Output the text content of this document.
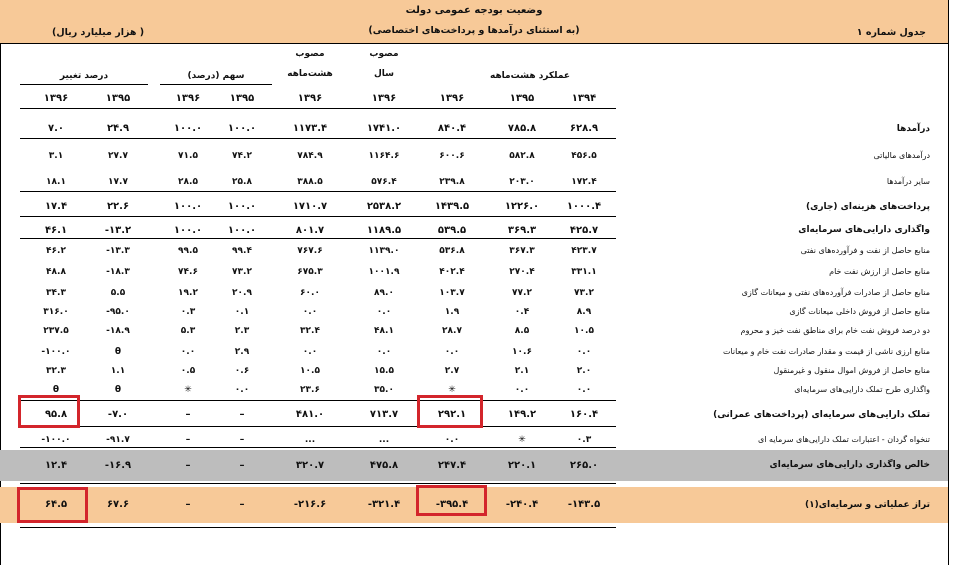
وضعیت بودجه عمومی دولت
(به استثنای درآمدها و پرداخت‌های اختصاصی)	جدول شماره ۱
(هزار میلیارد ریال )
درصد تغییر	سهم (درصد)
مصوب
هشت‌ماهه
مصوب
سال	عملکرد هشت‌ماهه
۱۳۹۶	۱۳۹۵	۱۳۹۶	۱۳۹۵	۱۳۹۶	۱۳۹۶	۱۳۹۶	۱۳۹۵	۱۳۹۴
درآمدها
۷.۰	۲۴.۹	۱۰۰.۰	۱۰۰.۰	۱۱۷۳.۴	۱۷۴۱.۰	۸۴۰.۴	۷۸۵.۸	۶۲۸.۹
درآمدهای مالیاتی
۳.۱	۲۷.۷	۷۱.۵	۷۴.۲	۷۸۴.۹	۱۱۶۴.۶	۶۰۰.۶	۵۸۲.۸	۴۵۶.۵
سایر درآمدها
۱۸.۱	۱۷.۷	۲۸.۵	۲۵.۸	۳۸۸.۵	۵۷۶.۴	۲۳۹.۸	۲۰۳.۰	۱۷۲.۴
پرداخت‌های هزینه‌ای (جاری)
۱۷.۴	۲۲.۶	۱۰۰.۰	۱۰۰.۰	۱۷۱۰.۷	۲۵۳۸.۲	۱۴۳۹.۵	۱۲۲۶.۰	۱۰۰۰.۴
واگذاری دارایی‌های سرمایه‌ای
۴۶.۱	-۱۳.۲	۱۰۰.۰	۱۰۰.۰	۸۰۱.۷	۱۱۸۹.۵	۵۳۹.۵	۳۶۹.۳	۴۲۵.۷
منابع حاصل از نفت و فرآورده‌های نفتی
۴۶.۲	-۱۳.۳	۹۹.۵	۹۹.۴	۷۶۷.۶	۱۱۳۹.۰	۵۳۶.۸	۳۶۷.۳	۴۲۳.۷
منابع حاصل از ارزش نفت خام
۴۸.۸	-۱۸.۳	۷۴.۶	۷۳.۲	۶۷۵.۳	۱۰۰۱.۹	۴۰۲.۴	۲۷۰.۴	۳۳۱.۱
منابع حاصل از صادرات فرآورده‌های نفتی و میعانات گازی
۳۴.۳	۵.۵	۱۹.۲	۲۰.۹	۶۰.۰	۸۹.۰	۱۰۳.۷	۷۷.۲	۷۳.۲
منابع حاصل از فروش داخلی میعانات گازی
۳۱۶.۰	-۹۵.۰	۰.۳	۰.۱	۰.۰	۰.۰	۱.۹	۰.۴	۸.۹
دو درصد فروش نفت خام برای مناطق نفت خیز و محروم
۲۳۷.۵	-۱۸.۹	۵.۳	۲.۳	۳۲.۴	۴۸.۱	۲۸.۷	۸.۵	۱۰.۵
منابع ارزی ناشی از قیمت و مقدار صادرات نفت خام و میعانات
-۱۰۰.۰	θ	۰.۰	۲.۹	۰.۰	۰.۰	۰.۰	۱۰.۶	۰.۰
منابع حاصل از فروش اموال منقول و غیرمنقول
۳۲.۳	۱.۱	۰.۵	۰.۶	۱۰.۵	۱۵.۵	۲.۷	۲.۱	۲.۰
واگذاری طرح تملک دارایی‌های سرمایه‌ای
θ	θ	✳	۰.۰	۲۳.۶	۳۵.۰	✳	۰.۰	۰.۰
تملک دارایی‌های سرمایه‌ای (پرداخت‌های عمرانی)
۹۵.۸	-۷.۰	–	–	۴۸۱.۰	۷۱۳.۷	۲۹۲.۱	۱۴۹.۲	۱۶۰.۴
تنخواه گردان - اعتبارات تملک دارایی‌های سرمایه ای
-۱۰۰.۰	-۹۱.۷	–	–	...	...	۰.۰	✳	۰.۳
خالص واگذاری دارایی‌های سرمایه‌ای
۱۲.۴	-۱۶.۹	–	–	۳۲۰.۷	۴۷۵.۸	۲۴۷.۴	۲۲۰.۱	۲۶۵.۰
تراز عملیاتی و سرمایه‌ای(۱)
۶۴.۵	۶۷.۶	–	–	-۲۱۶.۶	-۳۲۱.۴	-۳۹۵.۴	-۲۴۰.۴	-۱۴۳.۵
